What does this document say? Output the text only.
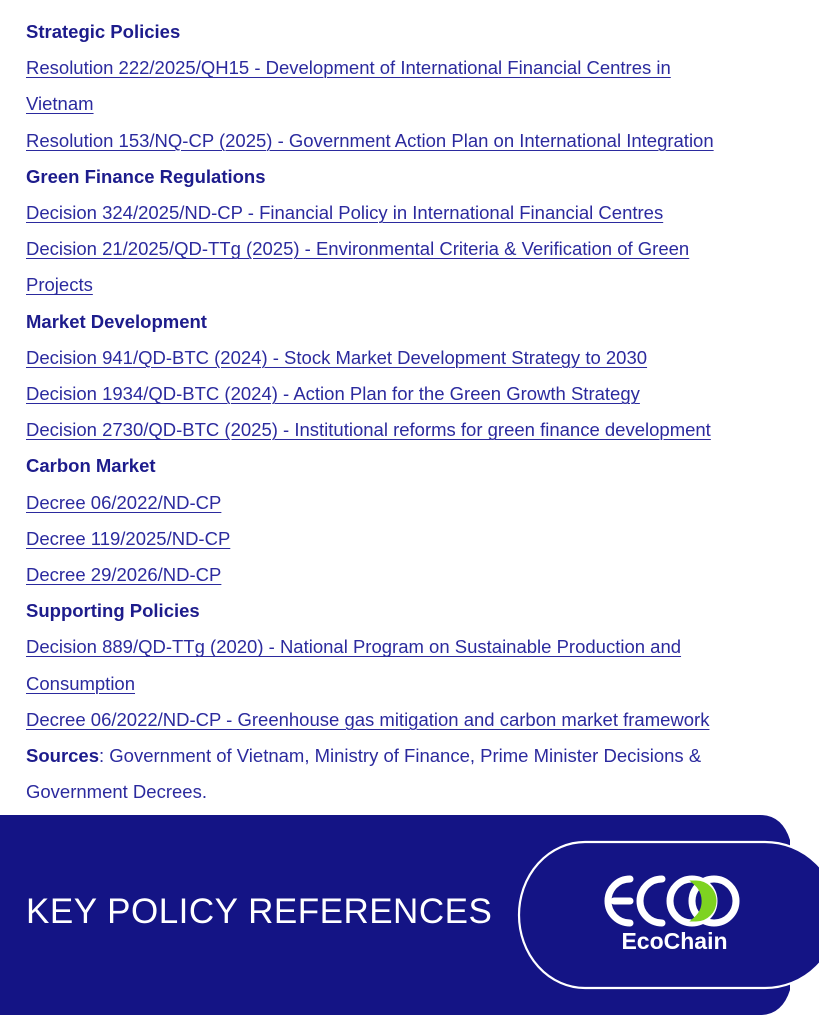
Strategic Policies
Resolution 222/2025/QH15 - Development of International Financial Centres in
Vietnam
Resolution 153/NQ-CP (2025) - Government Action Plan on International Integration
Green Finance Regulations
Decision 324/2025/ND-CP - Financial Policy in International Financial Centres
Decision 21/2025/QD-TTg (2025) - Environmental Criteria & Verification of Green
Projects
Market Development
Decision 941/QD-BTC (2024) - Stock Market Development Strategy to 2030
Decision 1934/QD-BTC (2024) - Action Plan for the Green Growth Strategy
Decision 2730/QD-BTC (2025) - Institutional reforms for green finance development
Carbon Market
Decree 06/2022/ND-CP
Decree 119/2025/ND-CP
Decree 29/2026/ND-CP
Supporting Policies
Decision 889/QD-TTg (2020) - National Program on Sustainable Production and
Consumption
Decree 06/2022/ND-CP - Greenhouse gas mitigation and carbon market framework
Sources: Government of Vietnam, Ministry of Finance, Prime Minister Decisions &
Government Decrees.
KEY POLICY REFERENCES
EcoChain
